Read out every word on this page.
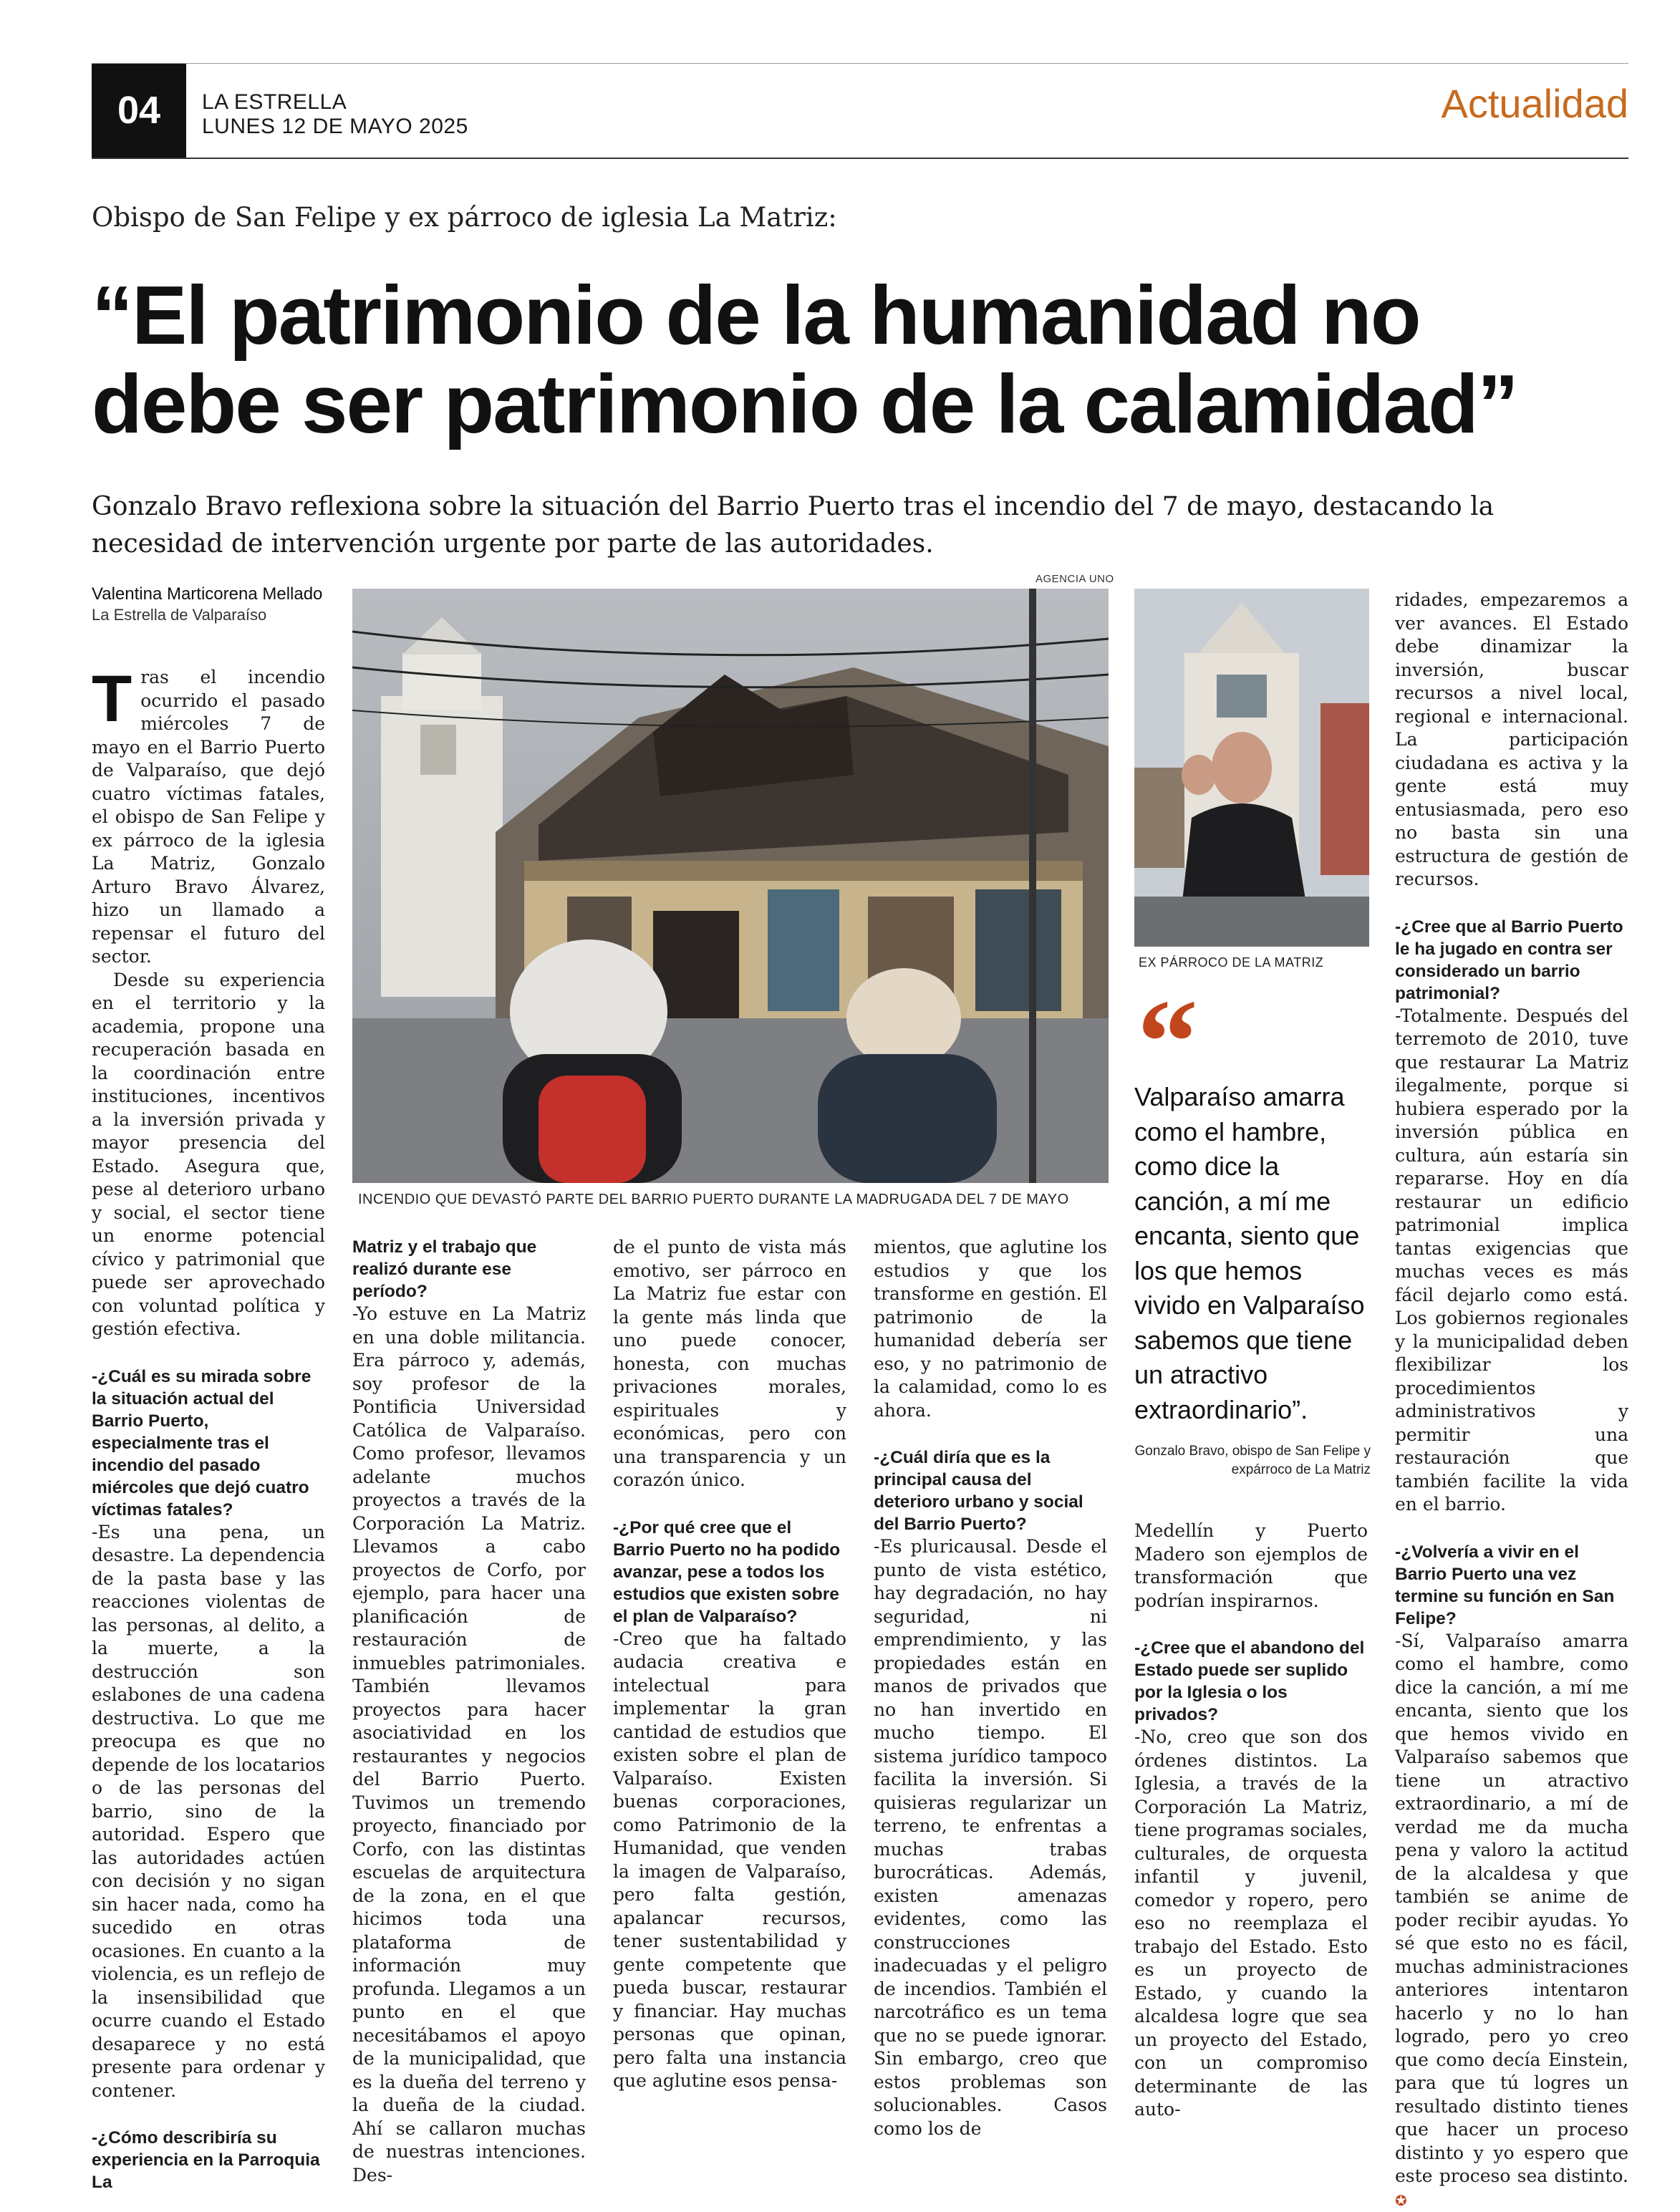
04	LA ESTRELLA
LUNES 12 DE MAYO 2025
Actualidad
Obispo de San Felipe y ex párroco de iglesia La Matriz:
“El patrimonio de la humanidad no debe ser patrimonio de la calamidad”
Gonzalo Bravo reflexiona sobre la situación del Barrio Puerto tras el incendio del 7 de mayo, destacando la necesidad de intervención urgente por parte de las autoridades.
Valentina Marticorena Mellado
La Estrella de Valparaíso
AGENCIA UNO
INCENDIO QUE DEVASTÓ PARTE DEL BARRIO PUERTO DURANTE LA MADRUGADA DEL 7 DE MAYO
EX PÁRROCO DE LA MATRIZ
“
Valparaíso amarra como el hambre, como dice la canción, a mí me encanta, siento que los que hemos vivido en Valparaíso sabemos que tiene un atractivo extraordinario”.
Gonzalo Bravo, obispo de San Felipe y expárroco de La Matriz

Tras el incendio ocurrido el pasado miércoles 7 de mayo en el Barrio Puerto de Valparaíso, que dejó cuatro víctimas fatales, el obispo de San Felipe y ex párroco de la iglesia La Matriz, Gonzalo Arturo Bravo Álvarez, hizo un llamado a repensar el futuro del sector.

Desde su experiencia en el territorio y la academia, propone una recuperación basada en la coordinación entre instituciones, incentivos a la inversión privada y mayor presencia del Estado. Asegura que, pese al deterioro urbano y social, el sector tiene un enorme potencial cívico y patrimonial que puede ser aprovechado con voluntad política y gestión efectiva.

-¿Cuál es su mirada sobre la situación actual del Barrio Puerto, especialmente tras el incendio del pasado miércoles que dejó cuatro víctimas fatales?

-Es una pena, un desastre. La dependencia de la pasta base y las reacciones violentas de las personas, al delito, a la muerte, a la destrucción son eslabones de una cadena destructiva. Lo que me preocupa es que no depende de los locatarios o de las personas del barrio, sino de la autoridad. Espero que las autoridades actúen con decisión y no sigan sin hacer nada, como ha sucedido en otras ocasiones. En cuanto a la violencia, es un reflejo de la insensibilidad que ocurre cuando el Estado desaparece y no está presente para ordenar y contener.

-¿Cómo describiría su experiencia en la Parroquia La

Matriz y el trabajo que realizó durante ese período?

-Yo estuve en La Matriz en una doble militancia. Era párroco y, además, soy profesor de la Pontificia Universidad Católica de Valparaíso. Como profesor, llevamos adelante muchos proyectos a través de la Corporación La Matriz. Llevamos a cabo proyectos de Corfo, por ejemplo, para hacer una planificación de restauración de inmuebles patrimoniales. También llevamos proyectos para hacer asociatividad en los restaurantes y negocios del Barrio Puerto. Tuvimos un tremendo proyecto, financiado por Corfo, con las distintas escuelas de arquitectura de la zona, en el que hicimos toda una plataforma de información muy profunda. Llegamos a un punto en el que necesitábamos el apoyo de la municipalidad, que es la dueña del terreno y la dueña de la ciudad. Ahí se callaron muchas de nuestras intenciones. Des-

de el punto de vista más emotivo, ser párroco en La Matriz fue estar con la gente más linda que uno puede conocer, honesta, con muchas privaciones morales, espirituales y económicas, pero con una transparencia y un corazón único.

-¿Por qué cree que el Barrio Puerto no ha podido avanzar, pese a todos los estudios que existen sobre el plan de Valparaíso?

-Creo que ha faltado audacia creativa e intelectual para implementar la gran cantidad de estudios que existen sobre el plan de Valparaíso. Existen buenas corporaciones, como Patrimonio de la Humanidad, que venden la imagen de Valparaíso, pero falta gestión, apalancar recursos, tener sustentabilidad y gente competente que pueda buscar, restaurar y financiar. Hay muchas personas que opinan, pero falta una instancia que aglutine esos pensa-

mientos, que aglutine los estudios y que los transforme en gestión. El patrimonio de la humanidad debería ser eso, y no patrimonio de la calamidad, como lo es ahora.

-¿Cuál diría que es la principal causa del deterioro urbano y social del Barrio Puerto?

-Es pluricausal. Desde el punto de vista estético, hay degradación, no hay seguridad, ni emprendimiento, y las propiedades están en manos de privados que no han invertido en mucho tiempo. El sistema jurídico tampoco facilita la inversión. Si quisieras regularizar un terreno, te enfrentas a muchas trabas burocráticas. Además, existen amenazas evidentes, como las construcciones inadecuadas y el peligro de incendios. También el narcotráfico es un tema que no se puede ignorar. Sin embargo, creo que estos problemas son solucionables. Casos como los de

Medellín y Puerto Madero son ejemplos de transformación que podrían inspirarnos.

-¿Cree que el abandono del Estado puede ser suplido por la Iglesia o los privados?

-No, creo que son dos órdenes distintos. La Iglesia, a través de la Corporación La Matriz, tiene programas sociales, culturales, de orquesta infantil y juvenil, comedor y ropero, pero eso no reemplaza el trabajo del Estado. Esto es un proyecto de Estado, y cuando la alcaldesa logre que sea un proyecto del Estado, con un compromiso determinante de las auto-

ridades, empezaremos a ver avances. El Estado debe dinamizar la inversión, buscar recursos a nivel local, regional e internacional. La participación ciudadana es activa y la gente está muy entusiasmada, pero eso no basta sin una estructura de gestión de recursos.

-¿Cree que al Barrio Puerto le ha jugado en contra ser considerado un barrio patrimonial?

-Totalmente. Después del terremoto de 2010, tuve que restaurar La Matriz ilegalmente, porque si hubiera esperado por la inversión pública en cultura, aún estaría sin repararse. Hoy en día restaurar un edificio patrimonial implica tantas exigencias que muchas veces es más fácil dejarlo como está. Los gobiernos regionales y la municipalidad deben flexibilizar los procedimientos administrativos y permitir una restauración que también facilite la vida en el barrio.

-¿Volvería a vivir en el Barrio Puerto una vez termine su función en San Felipe?

-Sí, Valparaíso amarra como el hambre, como dice la canción, a mí me encanta, siento que los que hemos vivido en Valparaíso sabemos que tiene un atractivo extraordinario, a mí de verdad me da mucha pena y valoro la actitud de la alcaldesa y que también se anime de poder recibir ayudas. Yo sé que esto no es fácil, muchas administraciones anteriores intentaron hacerlo y no lo han logrado, pero yo creo que como decía Einstein, para que tú logres un resultado distinto tienes que hacer un proceso distinto y yo espero que este proceso sea distinto. ✪
